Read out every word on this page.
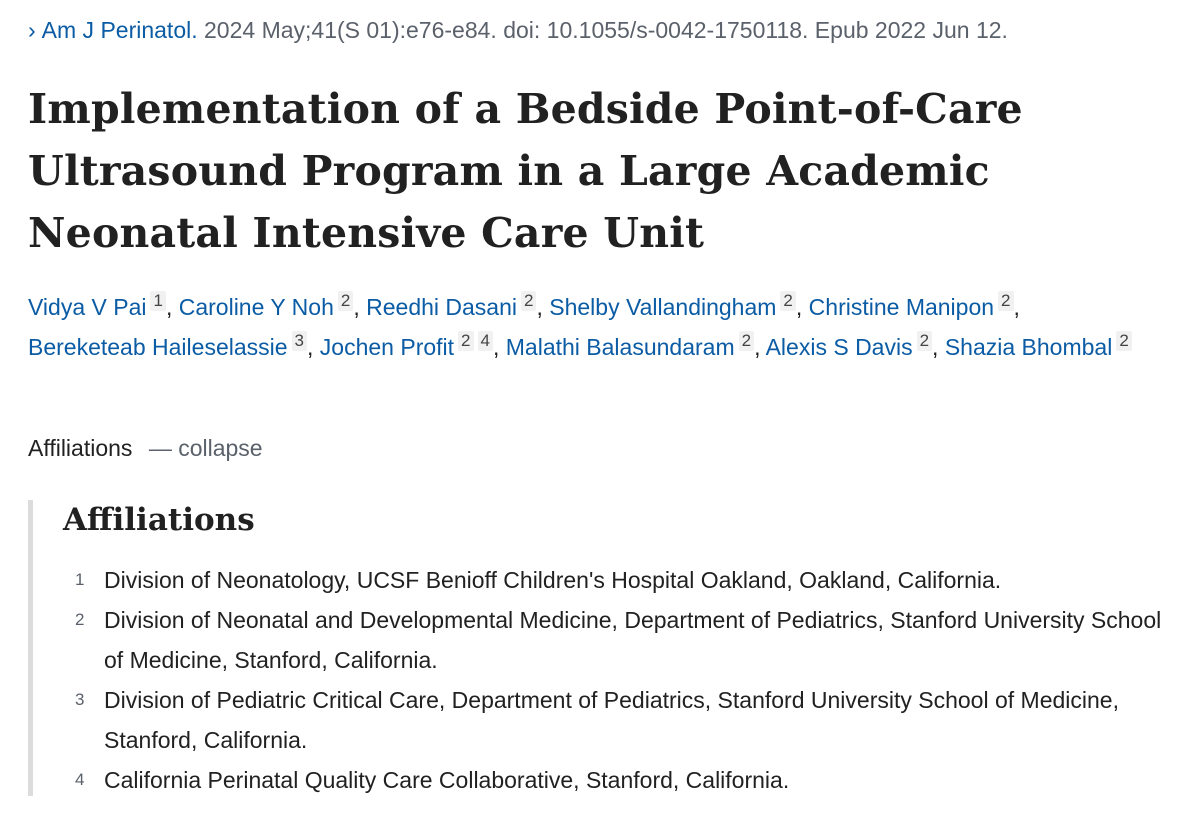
› Am J Perinatol. 2024 May;41(S 01):e76-e84. doi: 10.1055/s-0042-1750118. Epub 2022 Jun 12.
Implementation of a Bedside Point-of-Care Ultrasound Program in a Large Academic Neonatal Intensive Care Unit
Vidya V Pai 1 , Caroline Y Noh 2 , Reedhi Dasani 2 , Shelby Vallandingham 2 , Christine Manipon 2 , Bereketeab Haileselassie 3 , Jochen Profit 2 4 , Malathi Balasundaram 2 , Alexis S Davis 2 , Shazia Bhombal 2
Affiliations — collapse
Affiliations
1 Division of Neonatology, UCSF Benioff Children's Hospital Oakland, Oakland, California.
2 Division of Neonatal and Developmental Medicine, Department of Pediatrics, Stanford University School of Medicine, Stanford, California.
3 Division of Pediatric Critical Care, Department of Pediatrics, Stanford University School of Medicine, Stanford, California.
4 California Perinatal Quality Care Collaborative, Stanford, California.
